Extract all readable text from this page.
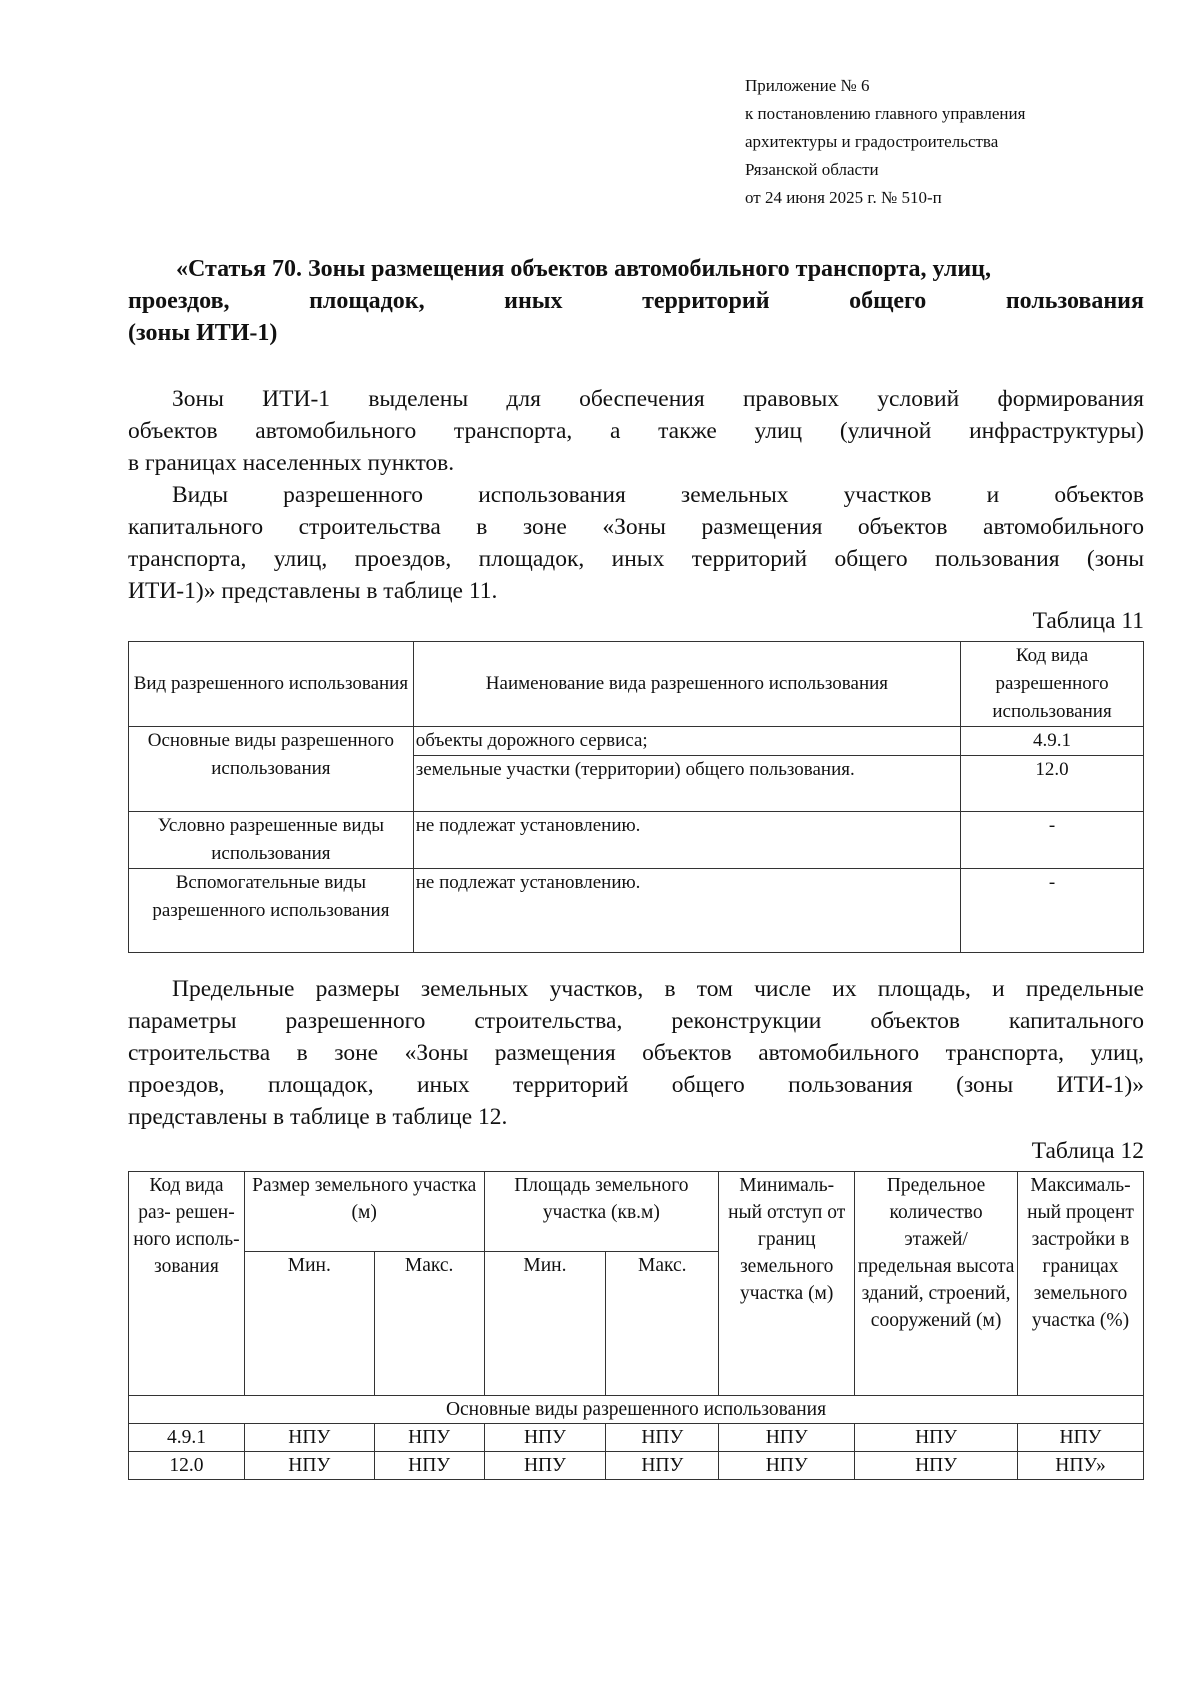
Приложение № 6
к постановлению главного управления
архитектуры и градостроительства
Рязанской области
от 24 июня 2025 г. № 510-п
«Статья 70. Зоны размещения объектов автомобильного транспорта, улиц,
проездов, площадок, иных территорий общего пользования
(зоны ИТИ-1)
Зоны ИТИ-1 выделены для обеспечения правовых условий формирования
объектов автомобильного транспорта, а также улиц (уличной инфраструктуры)
в границах населенных пунктов.
Виды разрешенного использования земельных участков и объектов
капитального строительства в зоне «Зоны размещения объектов автомобильного
транспорта, улиц, проездов, площадок, иных территорий общего пользования (зоны
ИТИ-1)» представлены в таблице 11.
Таблица 11
Вид разрешенного использования	Наименование вида разрешенного использования	Код вида разрешенного использования
Основные виды разрешенного использования	объекты дорожного сервиса;	4.9.1
	земельные участки (территории) общего пользования.	12.0
Условно разрешенные виды использования	не подлежат установлению.	-
Вспомогательные виды разрешенного использования	не подлежат установлению.	-
Предельные размеры земельных участков, в том числе их площадь, и предельные
параметры разрешенного строительства, реконструкции объектов капитального
строительства в зоне «Зоны размещения объектов автомобильного транспорта, улиц,
проездов, площадок, иных территорий общего пользования (зоны ИТИ-1)»
представлены в таблице в таблице 12.
Таблица 12
Код вида раз- решен- ного исполь- зования	Размер земельного участка (м)		Площадь земельного участка (кв.м)		Минималь- ный отступ от границ земельного участка (м)	Предельное количество этажей/ предельная высота зданий, строений, сооружений (м)	Максималь- ный процент застройки в границах земельного участка (%)
	Мин.	Макс.	Мин.	Макс.			
Основные виды разрешенного использования							
4.9.1	НПУ	НПУ	НПУ	НПУ	НПУ	НПУ	НПУ
12.0	НПУ	НПУ	НПУ	НПУ	НПУ	НПУ	НПУ»
